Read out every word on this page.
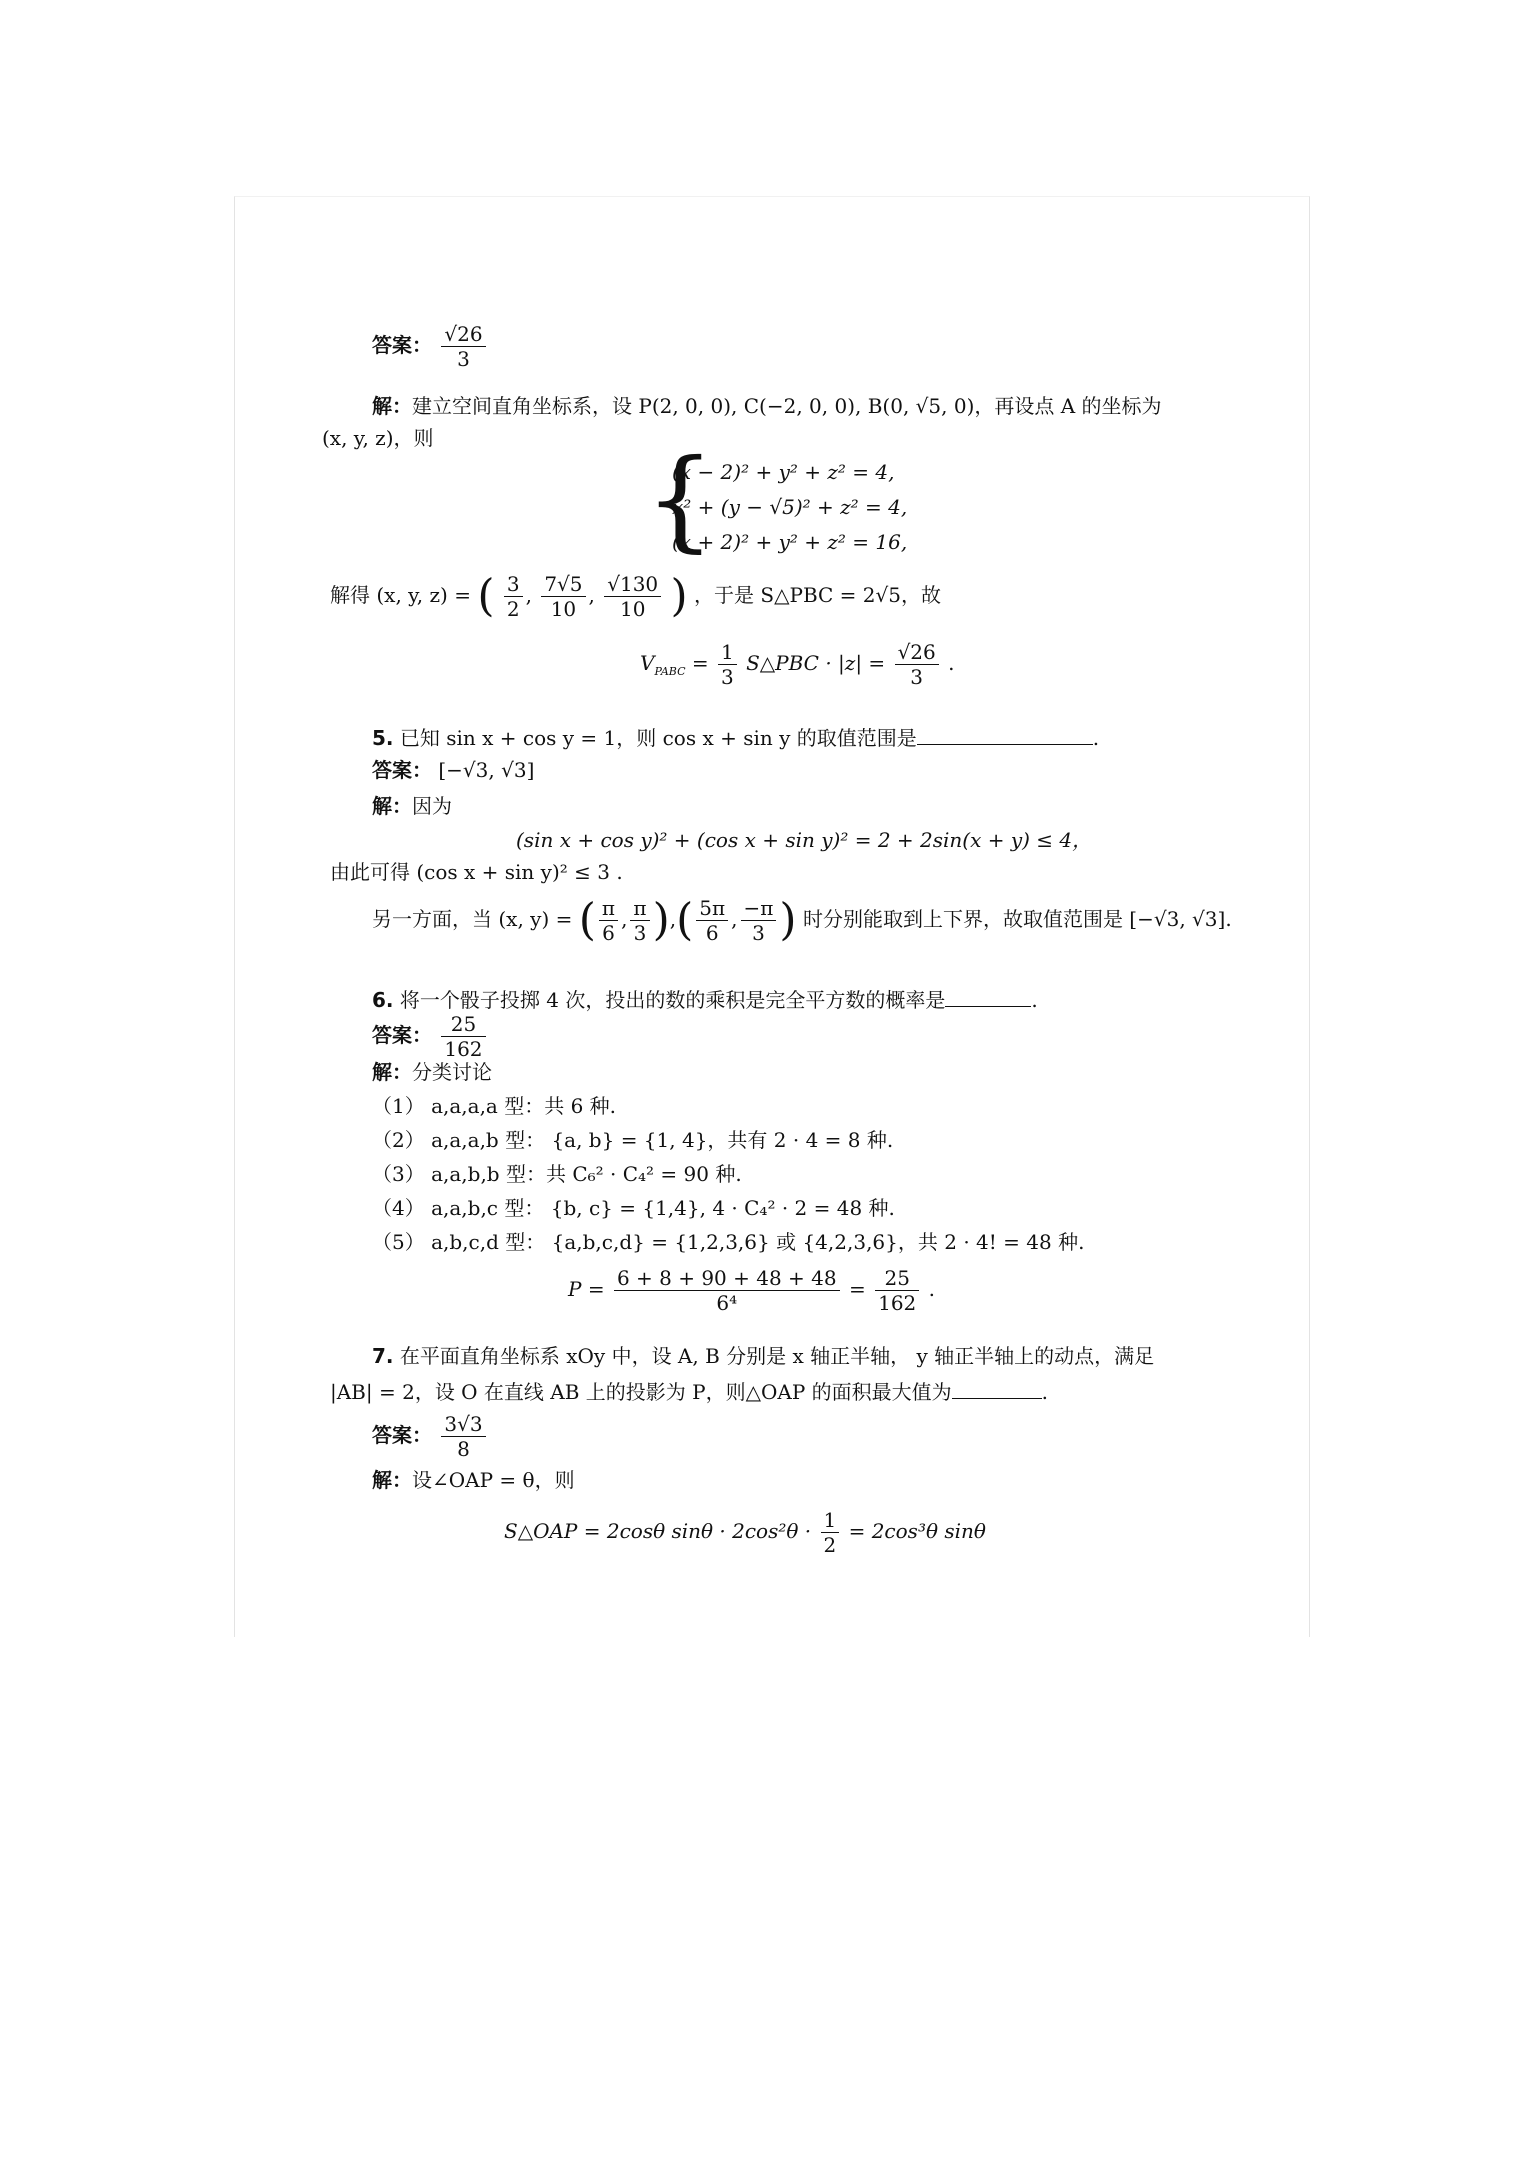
答案： $\frac{√26}{3}$
解：建立空间直角坐标系，设 P(2, 0, 0), C(−2, 0, 0), B(0, √5, 0)，再设点 A 的坐标为
(x, y, z)，则 {
(x − 2)² + y² + z² = 4,
x² + (y − √5)² + z² = 4,
(x + 2)² + y² + z² = 16,
解得 (x, y, z) = ( $\frac{3}{2}$ , $\frac{7√5}{10}$ , $\frac{√130}{10}$ ) ，于是 S△PBC = 2√5，故
$V_{PABC} = \frac{1}{3}$ S△PBC · $|z| = \frac{√26}{3}$ .
5. 已知 sin x + cos y = 1，则 cos x + sin y 的取值范围是	.
答案： [−√3, √3]
解：因为
(sin x + cos y)² + (cos x + sin y)² = 2 + 2sin(x + y) ≤ 4，
由此可得 (cos x + sin y)² ≤ 3 .
另一方面，当 (x, y) = ( $\frac{\pi}{6}$ , $\frac{\pi}{3}$ ),( $\frac{5\pi}{6}$ , $\frac{-\pi}{3}$ ) 时分别能取到上下界，故取值范围是 [−√3, √3].
6. 将一个骰子投掷 4 次，投出的数的乘积是完全平方数的概率是	.
答案： $\frac{25}{162}$
解：分类讨论
（1） a,a,a,a 型：共 6 种.
（2） a,a,a,b 型： {a, b} = {1, 4}，共有 2 · 4 = 8 种.
（3） a,a,b,b 型：共 C₆² · C₄² = 90 种.
（4） a,a,b,c 型： {b, c} = {1,4}, 4 · C₄² · 2 = 48 种.
（5） a,b,c,d 型： {a,b,c,d} = {1,2,3,6} 或 {4,2,3,6}，共 2 · 4! = 48 种.
$P = \frac{6 + 8 + 90 + 48 + 48}{\text{6⁴}} = \frac{25}{162}$ .
7. 在平面直角坐标系 xOy 中，设 A, B 分别是 x 轴正半轴， y 轴正半轴上的动点，满足
|AB| = 2，设 O 在直线 AB 上的投影为 P，则△OAP 的面积最大值为	.
答案： $\frac{3√3}{8}$
解：设∠OAP = θ，则
S△OAP = 2cosθ $\sin\theta \cdot 2\cos^2\theta \cdot \frac{1}{2} = 2\cos^3\theta$ sinθ
